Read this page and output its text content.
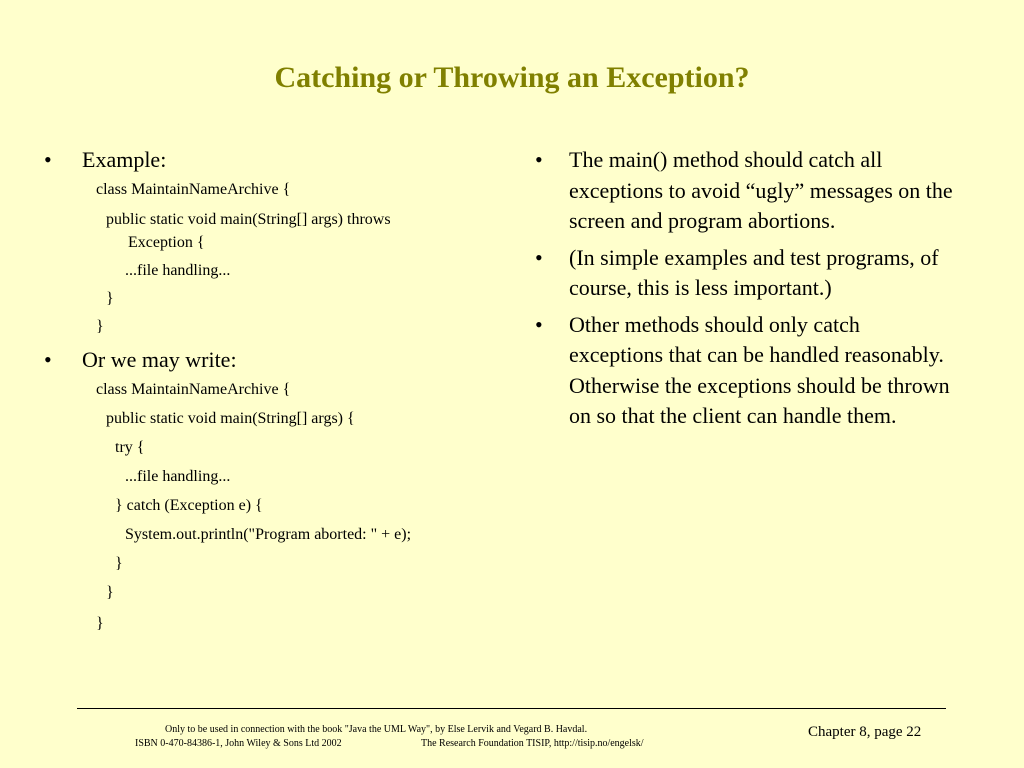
Catching or Throwing an Exception?
• Example:
class MaintainNameArchive {
public static void main(String[] args) throws
Exception {
...file handling...
}
}
• Or we may write:
class MaintainNameArchive {
public static void main(String[] args) {
try {
...file handling...
} catch (Exception e) {
System.out.println("Program aborted: " + e);
}
}
}
• The main() method should catch all exceptions to avoid “ugly” messages on the screen and program abortions.
• (In simple examples and test programs, of course, this is less important.)
• Other methods should only catch exceptions that can be handled reasonably. Otherwise the exceptions should be thrown on so that the client can handle them.
Only to be used in connection with the book "Java the UML Way", by Else Lervik and Vegard B. Havdal.
ISBN 0-470-84386-1, John Wiley & Sons Ltd 2002	The Research Foundation TISIP, http://tisip.no/engelsk/
Chapter 8, page 22
